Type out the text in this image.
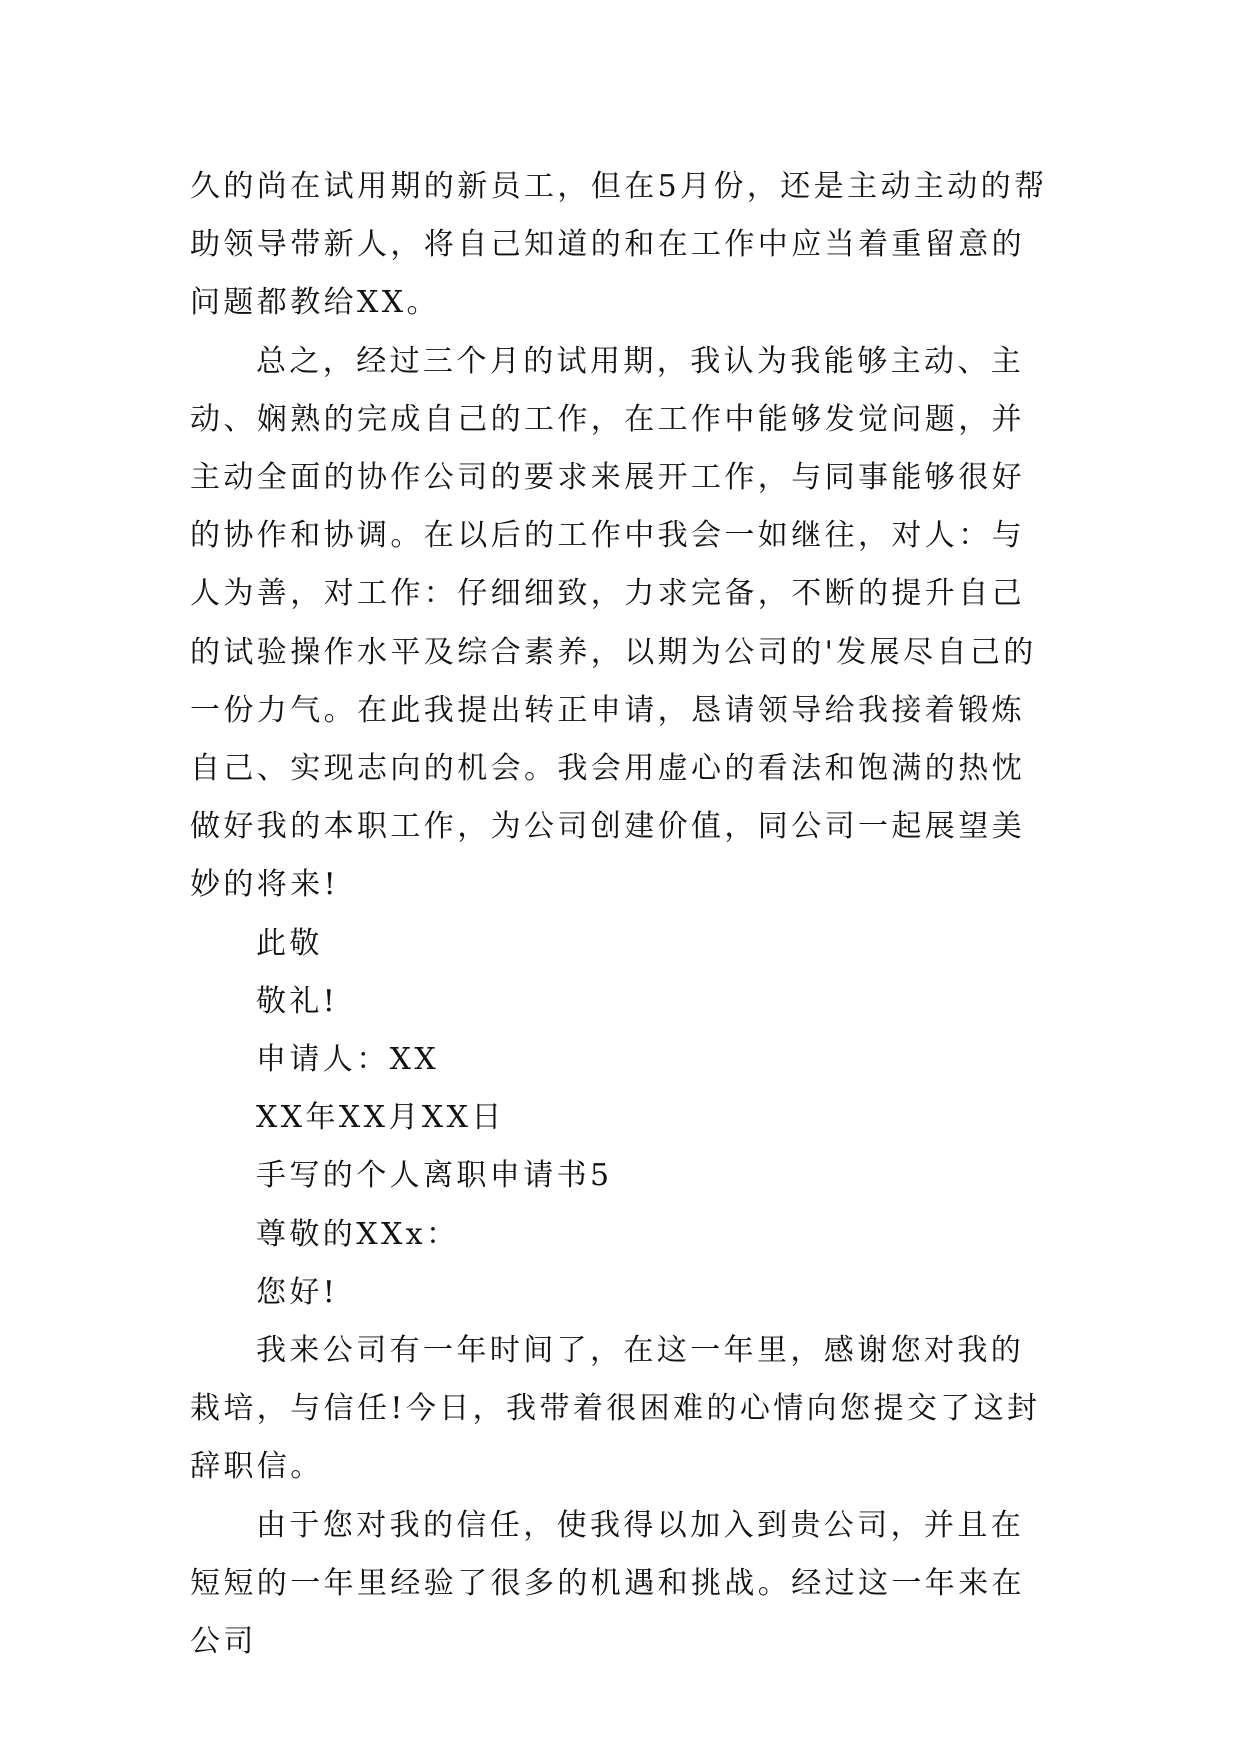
久的尚在试用期的新员工，但在5月份，还是主动主动的帮助领导带新人，将自己知道的和在工作中应当着重留意的问题都教给XX。

总之，经过三个月的试用期，我认为我能够主动、主动、娴熟的完成自己的工作，在工作中能够发觉问题，并主动全面的协作公司的要求来展开工作，与同事能够很好的协作和协调。在以后的工作中我会一如继往，对人：与人为善，对工作：仔细细致，力求完备，不断的提升自己的试验操作水平及综合素养，以期为公司的'发展尽自己的一份力气。在此我提出转正申请，恳请领导给我接着锻炼自己、实现志向的机会。我会用虚心的看法和饱满的热忱做好我的本职工作，为公司创建价值，同公司一起展望美妙的将来!

此敬

敬礼!

申请人：XX

XX年XX月XX日

手写的个人离职申请书5

尊敬的XXx：

您好!

我来公司有一年时间了，在这一年里，感谢您对我的栽培，与信任!今日，我带着很困难的心情向您提交了这封辞职信。

由于您对我的信任，使我得以加入到贵公司，并且在短短的一年里经验了很多的机遇和挑战。经过这一年来在公司
